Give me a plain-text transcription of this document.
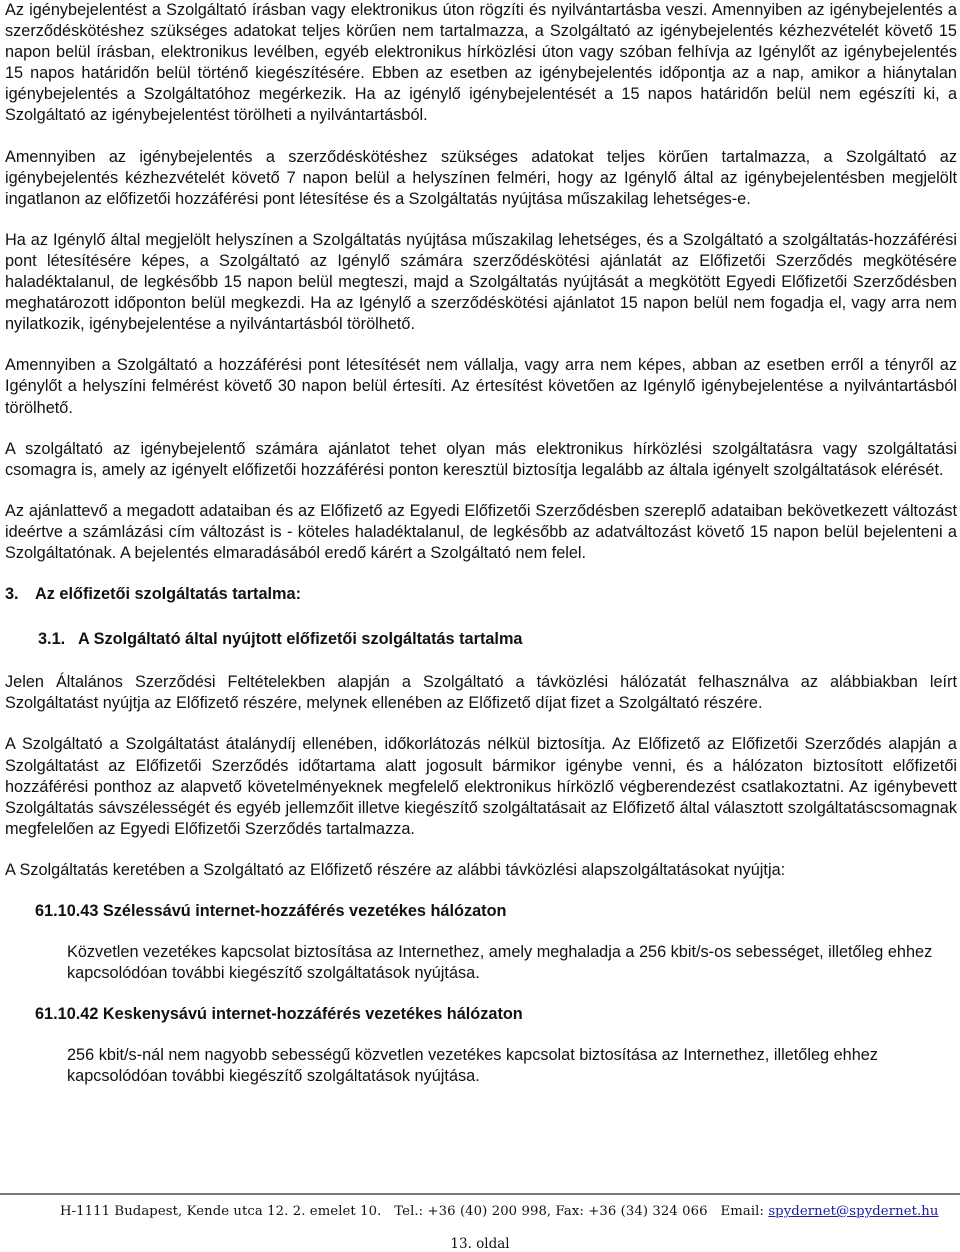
Az igénybejelentést a Szolgáltató írásban vagy elektronikus úton rögzíti és nyilvántartásba veszi. Amennyiben az igénybejelentés a szerződéskötéshez szükséges adatokat teljes körűen nem tartalmazza, a Szolgáltató az igénybejelentés kézhezvételét követő 15 napon belül írásban, elektronikus levélben, egyéb elektronikus hírközlési úton vagy szóban felhívja az Igénylőt az igénybejelentés 15 napos határidőn belül történő kiegészítésére. Ebben az esetben az igénybejelentés időpontja az a nap, amikor a hiánytalan igénybejelentés a Szolgáltatóhoz megérkezik. Ha az igénylő igénybejelentését a 15 napos határidőn belül nem egészíti ki, a Szolgáltató az igénybejelentést törölheti a nyilvántartásból.

Amennyiben az igénybejelentés a szerződéskötéshez szükséges adatokat teljes körűen tartalmazza, a Szolgáltató az igénybejelentés kézhezvételét követő 7 napon belül a helyszínen felméri, hogy az Igénylő által az igénybejelentésben megjelölt ingatlanon az előfizetői hozzáférési pont létesítése és a Szolgáltatás nyújtása műszakilag lehetséges-e.

Ha az Igénylő által megjelölt helyszínen a Szolgáltatás nyújtása műszakilag lehetséges, és a Szolgáltató a szolgáltatás-hozzáférési pont létesítésére képes, a Szolgáltató az Igénylő számára szerződéskötési ajánlatát az Előfizetői Szerződés megkötésére haladéktalanul, de legkésőbb 15 napon belül megteszi, majd a Szolgáltatás nyújtását a megkötött Egyedi Előfizetői Szerződésben meghatározott időponton belül megkezdi. Ha az Igénylő a szerződéskötési ajánlatot 15 napon belül nem fogadja el, vagy arra nem nyilatkozik, igénybejelentése a nyilvántartásból törölhető.

Amennyiben a Szolgáltató a hozzáférési pont létesítését nem vállalja, vagy arra nem képes, abban az esetben erről a tényről az Igénylőt a helyszíni felmérést követő 30 napon belül értesíti. Az értesítést követően az Igénylő igénybejelentése a nyilvántartásból törölhető.

A szolgáltató az igénybejelentő számára ajánlatot tehet olyan más elektronikus hírközlési szolgáltatásra vagy szolgáltatási csomagra is, amely az igényelt előfizetői hozzáférési ponton keresztül biztosítja legalább az általa igényelt szolgáltatások elérését.

Az ajánlattevő a megadott adataiban és az Előfizető az Egyedi Előfizetői Szerződésben szereplő adataiban bekövetkezett változást ideértve a számlázási cím változást is - köteles haladéktalanul, de legkésőbb az adatváltozást követő 15 napon belül bejelenteni a Szolgáltatónak. A bejelentés elmaradásából eredő kárért a Szolgáltató nem felel.

3.	Az előfizetői szolgáltatás tartalma:
3.1. A Szolgáltató által nyújtott előfizetői szolgáltatás tartalma

Jelen Általános Szerződési Feltételekben alapján a Szolgáltató a távközlési hálózatát felhasználva az alábbiakban leírt Szolgáltatást nyújtja az Előfizető részére, melynek ellenében az Előfizető díjat fizet a Szolgáltató részére.

A Szolgáltató a Szolgáltatást átalánydíj ellenében, időkorlátozás nélkül biztosítja. Az Előfizető az Előfizetői Szerződés alapján a Szolgáltatást az Előfizetői Szerződés időtartama alatt jogosult bármikor igénybe venni, és a hálózaton biztosított előfizetői hozzáférési ponthoz az alapvető követelményeknek megfelelő elektronikus hírközlő végberendezést csatlakoztatni. Az igénybevett Szolgáltatás sávszélességét és egyéb jellemzőit illetve kiegészítő szolgáltatásait az Előfizető által választott szolgáltatáscsomagnak megfelelően az Egyedi Előfizetői Szerződés tartalmazza.

A Szolgáltatás keretében a Szolgáltató az Előfizető részére az alábbi távközlési alapszolgáltatásokat nyújtja:

61.10.43 Szélessávú internet-hozzáférés vezetékes hálózaton
Közvetlen vezetékes kapcsolat biztosítása az Internethez, amely meghaladja a 256 kbit/s-os sebességet, illetőleg ehhez kapcsolódóan további kiegészítő szolgáltatások nyújtása.
61.10.42 Keskenysávú internet-hozzáférés vezetékes hálózaton
256 kbit/s-nál nem nagyobb sebességű közvetlen vezetékes kapcsolat biztosítása az Internethez, illetőleg ehhez kapcsolódóan további kiegészítő szolgáltatások nyújtása.
H-1111 Budapest, Kende utca 12. 2. emelet 10. Tel.: +36 (40) 200 998, Fax: +36 (34) 324 066 Email: spydernet@spydernet.hu
13. oldal
